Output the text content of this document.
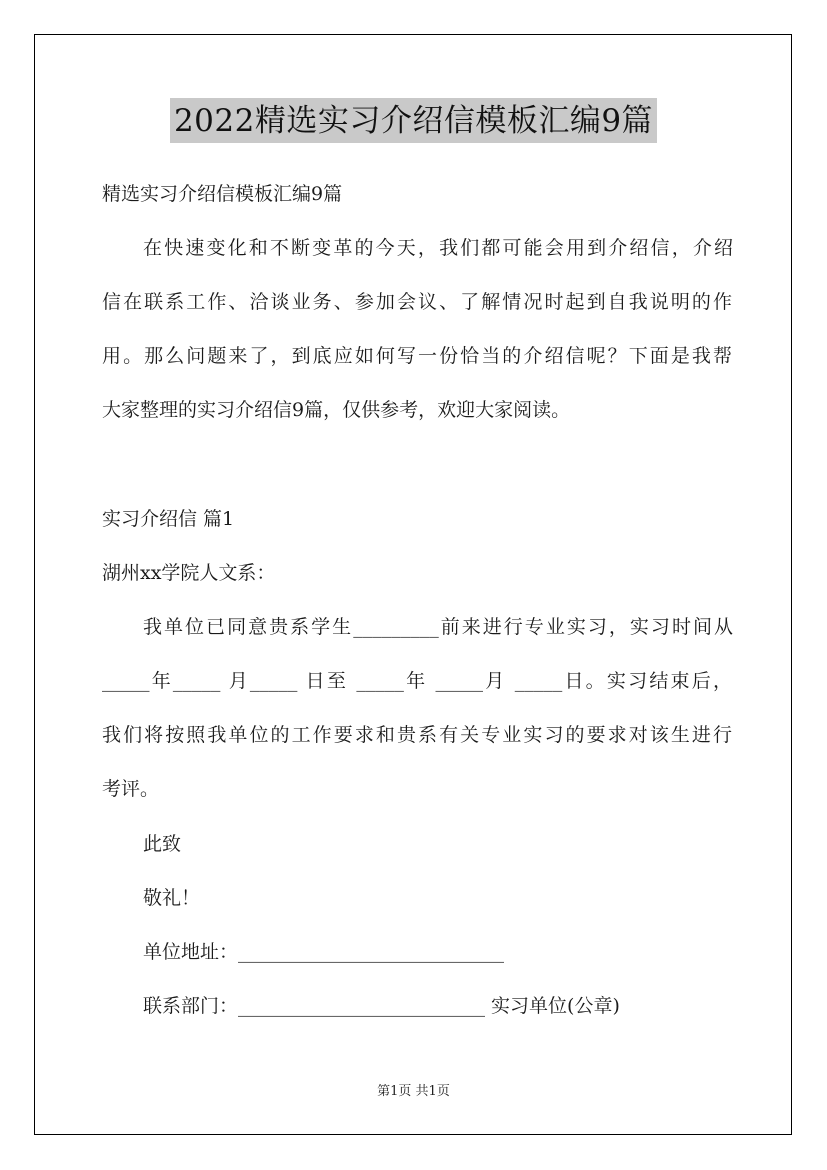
2022精选实习介绍信模板汇编9篇
精选实习介绍信模板汇编9篇
在快速变化和不断变革的今天，我们都可能会用到介绍信，介绍
信在联系工作、洽谈业务、参加会议、了解情况时起到自我说明的作
用。那么问题来了，到底应如何写一份恰当的介绍信呢？下面是我帮
大家整理的实习介绍信9篇，仅供参考，欢迎大家阅读。
实习介绍信 篇1
湖州xx学院人文系：
我单位已同意贵系学生_________前来进行专业实习，实习时间从
_____年_____ 月_____ 日至 _____年 _____月 _____日。实习结束后，
我们将按照我单位的工作要求和贵系有关专业实习的要求对该生进行
考评。
此致
敬礼！
单位地址：____________________________
联系部门：__________________________ 实习单位(公章)
第1页 共1页
